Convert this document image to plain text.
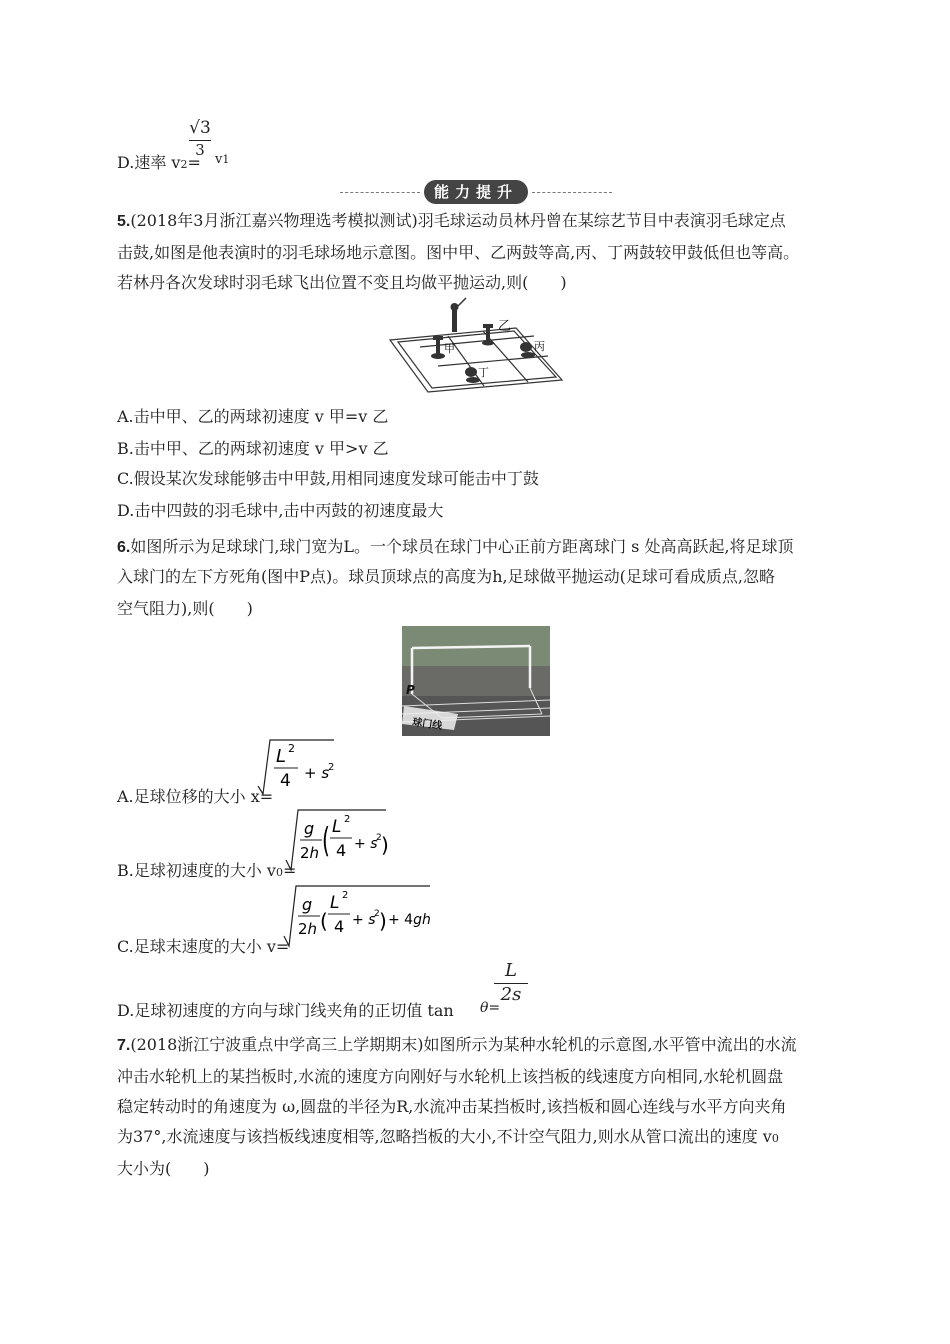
D.速率 v2=
$\frac{√3}{3}$
v1
能力提升
5.(2018年3月浙江嘉兴物理选考模拟测试)羽毛球运动员林丹曾在某综艺节目中表演羽毛球定点
击鼓,如图是他表演时的羽毛球场地示意图。图中甲、乙两鼓等高,丙、丁两鼓较甲鼓低但也等高。
若林丹各次发球时羽毛球飞出位置不变且均做平抛运动,则(　　)
甲
乙
丙
丁
A.击中甲、乙的两球初速度 v 甲=v 乙
B.击中甲、乙的两球初速度 v 甲>v 乙
C.假设某次发球能够击中甲鼓,用相同速度发球可能击中丁鼓
D.击中四鼓的羽毛球中,击中丙鼓的初速度最大
6.如图所示为足球球门,球门宽为L。一个球员在球门中心正前方距离球门 s 处高高跃起,将足球顶
入球门的左下方死角(图中P点)。球员顶球点的高度为h,足球做平抛运动(足球可看成质点,忽略
空气阻力),则(　　)
P
球门线
A.足球位移的大小 x=
L 2
4 + s
2
B.足球初速度的大小 v0=
g
2h ( L 2
4 + s
2 )
C.足球末速度的大小 v=
g
2h (
L 2
4 + s
2 ) + 4gh
D.足球初速度的方向与球门线夹角的正切值 tan θ=
$\frac{L}{2s}$
7.(2018浙江宁波重点中学高三上学期期末)如图所示为某种水轮机的示意图,水平管中流出的水流
冲击水轮机上的某挡板时,水流的速度方向刚好与水轮机上该挡板的线速度方向相同,水轮机圆盘
稳定转动时的角速度为 ω,圆盘的半径为R,水流冲击某挡板时,该挡板和圆心连线与水平方向夹角
为37°,水流速度与该挡板线速度相等,忽略挡板的大小,不计空气阻力,则水从管口流出的速度 v0
大小为(　　)
